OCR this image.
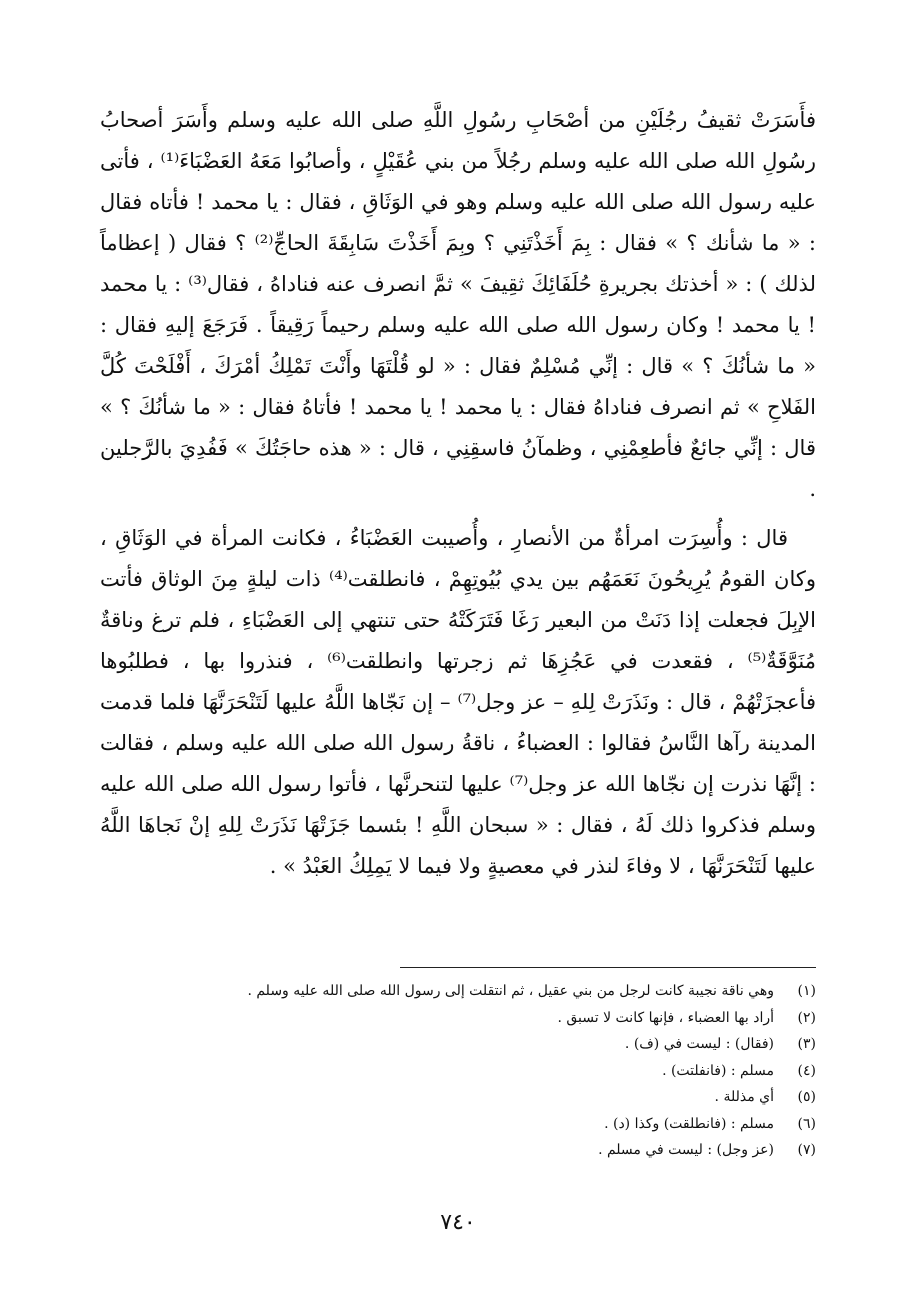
فأَسَرَتْ ثقيفُ رجُلَيْنِ من أصْحَابِ رسُولِ اللَّهِ صلى الله عليه وسلم وأَسَرَ أصحابُ رسُولِ الله صلى الله عليه وسلم رجُلاً من بني عُقَيْلٍ ، وأصابُوا مَعَهُ العَضْبَاءَ⁽¹⁾ ، فأتى عليه رسول الله صلى الله عليه وسلم وهو في الوَثَاقِ ، فقال : يا محمد ! فأتاه فقال : « ما شأنك ؟ » فقال : بِمَ أَخَذْتَنِي ؟ وبِمَ أَخَذْتَ سَابِقَةَ الحاجِّ⁽²⁾ ؟ فقال ( إعظاماً لذلك ) : « أخذتك بجريرةِ حُلَفَائِكَ ثقِيفَ » ثمَّ انصرف عنه فناداهُ ، فقال⁽³⁾ : يا محمد ! يا محمد ! وكان رسول الله صلى الله عليه وسلم رحيماً رَقِيقاً . فَرَجَعَ إليهِ فقال : « ما شأنُكَ ؟ » قال : إنِّي مُسْلِمٌ فقال : « لو قُلْتَهَا وأَنْتَ تَمْلِكُ أمْرَكَ ، أَفْلَحْتَ كُلَّ الفَلاحِ » ثم انصرف فناداهُ فقال : يا محمد ! يا محمد ! فأتاهُ فقال : « ما شأنُكَ ؟ » قال : إنِّي جائعٌ فأطعِمْنِي ، وظمآنُ فاسقِنِي ، قال : « هذه حاجَتُكَ » فَفُدِيَ بالرَّجلين .

قال : وأُسِرَت امرأةٌ من الأنصارِ ، وأُصيبت العَضْبَاءُ ، فكانت المرأة في الوَثَاقِ ، وكان القومُ يُرِيحُونَ نَعَمَهُم بين يدي بُيُوتِهِمْ ، فانطلقت⁽⁴⁾ ذات ليلةٍ مِنَ الوثاق فأتت الإبِلَ فجعلت إذا دَنَتْ من البعير رَغَا فَتَرَكَتْهُ حتى تنتهي إلى العَضْبَاءِ ، فلم ترغ وناقةٌ مُنَوَّقَةٌ⁽⁵⁾ ، فقعدت في عَجُزِهَا ثم زجرتها وانطلقت⁽⁶⁾ ، فنذروا بها ، فطلبُوها فأعجزَتْهُمْ ، قال : ونَذَرَتْ لِلهِ – عز وجل⁽⁷⁾ – إن نَجّاها اللَّهُ عليها لَتَنْحَرَنَّهَا فلما قدمت المدينة رآها النَّاسُ فقالوا : العضباءُ ، ناقةُ رسول الله صلى الله عليه وسلم ، فقالت : إنَّهَا نذرت إن نجّاها الله عز وجل⁽⁷⁾ عليها لتنحرنَّها ، فأتوا رسول الله صلى الله عليه وسلم فذكروا ذلك لَهُ ، فقال : « سبحان اللَّهِ ! بئسما جَزَتْهَا نَذَرَتْ لِلهِ إنْ نَجاهَا اللَّهُ عليها لَتَنْحَرَنَّهَا ، لا وفاءَ لنذر في معصيةٍ ولا فيما لا يَمِلِكُ العَبْدُ » .

(١)
وهي ناقة نجيبة كانت لرجل من بني عقيل ، ثم انتقلت إلى رسول الله صلى الله عليه وسلم .
(٢)
أراد بها العضباء ، فإنها كانت لا تسبق .
(٣)
(فقال) : ليست في (ف) .
(٤)
مسلم : (فانفلتت) .
(٥)
أي مذللة .
(٦)
مسلم : (فانطلقت) وكذا (د) .
(٧)
(عز وجل) : ليست في مسلم .
٧٤٠
